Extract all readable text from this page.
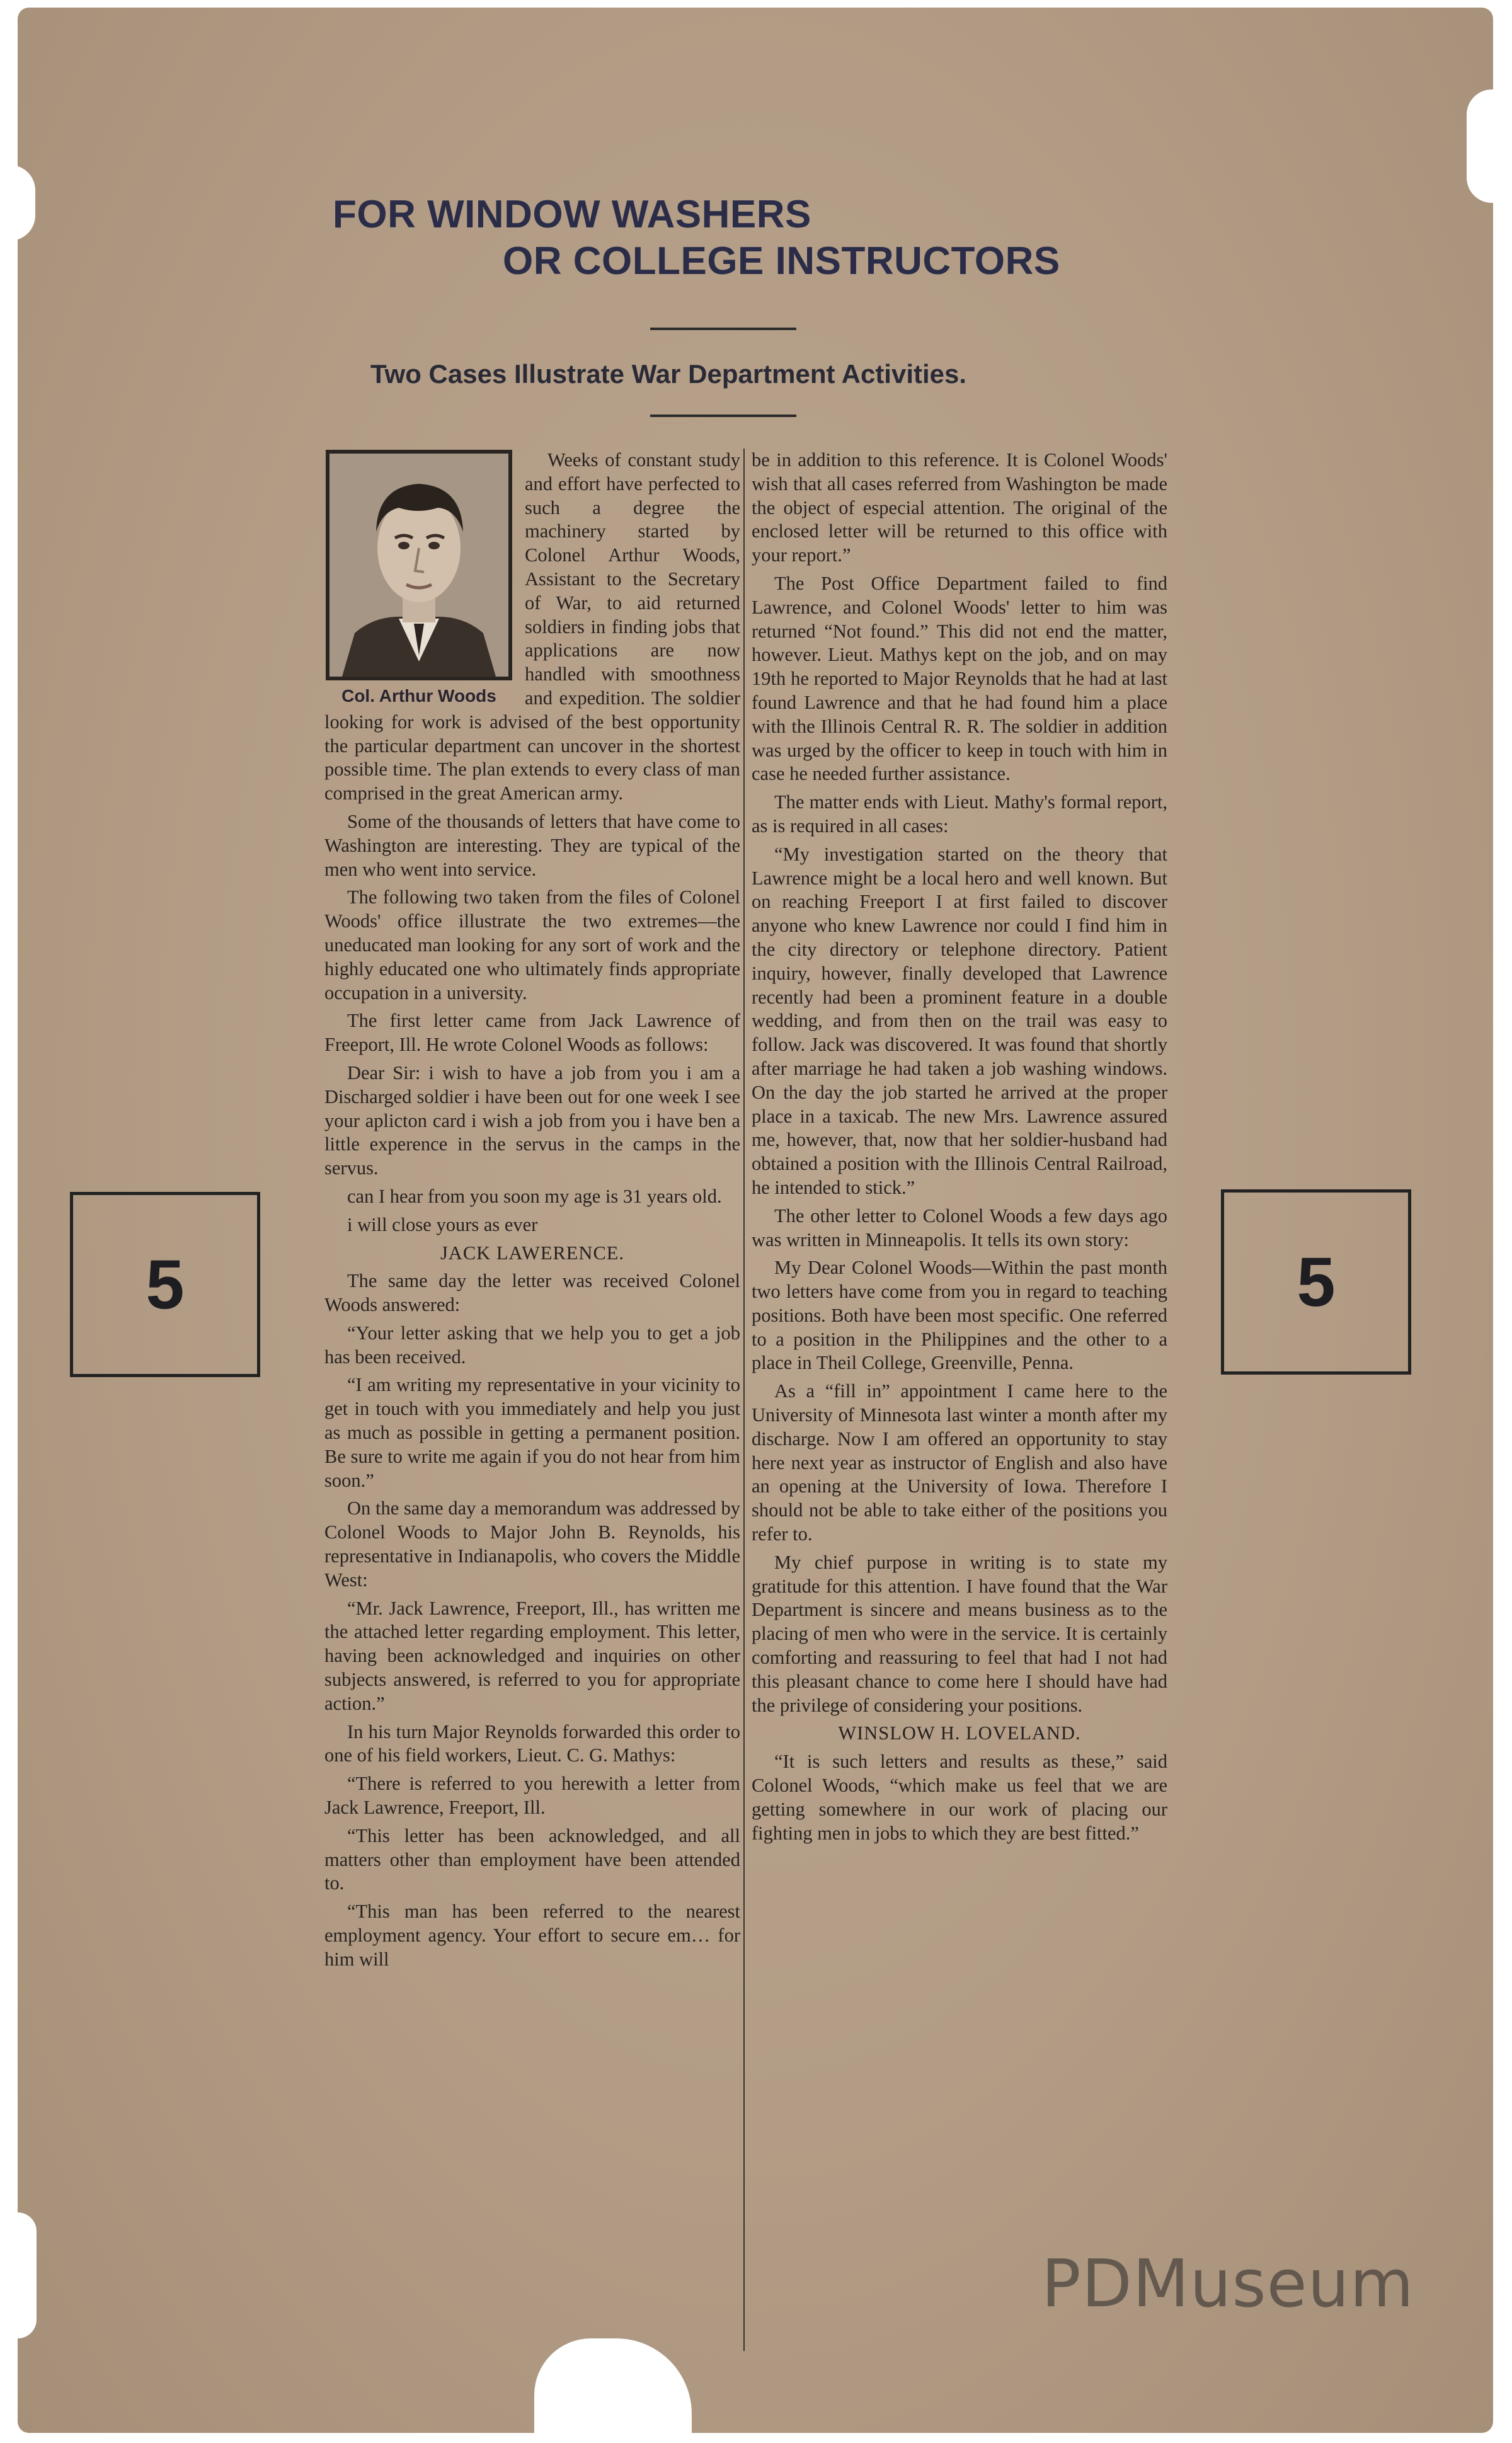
FOR WINDOW WASHERS
OR COLLEGE INSTRUCTORS
Two Cases Illustrate War Department Activities.
Col. Arthur Woods

Weeks of constant study and effort have perfected to such a degree the machinery started by Colonel Arthur Woods, Assistant to the Secretary of War, to aid returned soldiers in finding jobs that applications are now handled with smoothness and expedition. The soldier looking for work is advised of the best opportunity the particular department can uncover in the shortest possible time. The plan extends to every class of man comprised in the great American army.

Some of the thousands of letters that have come to Washington are interesting. They are typical of the men who went into service.

The following two taken from the files of Colonel Woods' office illustrate the two extremes—the uneducated man looking for any sort of work and the highly educated one who ultimately finds appropriate occupation in a university.

The first letter came from Jack Lawrence of Freeport, Ill. He wrote Colonel Woods as follows:

Dear Sir: i wish to have a job from you i am a Discharged soldier i have been out for one week I see your aplicton card i wish a job from you i have ben a little experence in the servus in the camps in the servus.

can I hear from you soon my age is 31 years old.

i will close yours as ever

JACK LAWERENCE.

The same day the letter was received Colonel Woods answered:

“Your letter asking that we help you to get a job has been received.

“I am writing my representative in your vicinity to get in touch with you immediately and help you just as much as possible in getting a permanent position. Be sure to write me again if you do not hear from him soon.”

On the same day a memorandum was addressed by Colonel Woods to Major John B. Reynolds, his representative in Indianapolis, who covers the Middle West:

“Mr. Jack Lawrence, Freeport, Ill., has written me the attached letter regarding employment. This letter, having been acknowledged and inquiries on other subjects answered, is referred to you for appropriate action.”

In his turn Major Reynolds forwarded this order to one of his field workers, Lieut. C. G. Mathys:

“There is referred to you herewith a letter from Jack Lawrence, Freeport, Ill.

“This letter has been acknowledged, and all matters other than employment have been attended to.

“This man has been referred to the nearest employment agency. Your effort to secure em… for him will

be in addition to this reference. It is Colonel Woods' wish that all cases referred from Washington be made the object of especial attention. The original of the enclosed letter will be returned to this office with your report.”

The Post Office Department failed to find Lawrence, and Colonel Woods' letter to him was returned “Not found.” This did not end the matter, however. Lieut. Mathys kept on the job, and on may 19th he reported to Major Reynolds that he had at last found Lawrence and that he had found him a place with the Illinois Central R. R. The soldier in addition was urged by the officer to keep in touch with him in case he needed further assistance.

The matter ends with Lieut. Mathy's formal report, as is required in all cases:

“My investigation started on the theory that Lawrence might be a local hero and well known. But on reaching Freeport I at first failed to discover anyone who knew Lawrence nor could I find him in the city directory or telephone directory. Patient inquiry, however, finally developed that Lawrence recently had been a prominent feature in a double wedding, and from then on the trail was easy to follow. Jack was discovered. It was found that shortly after marriage he had taken a job washing windows. On the day the job started he arrived at the proper place in a taxicab. The new Mrs. Lawrence assured me, however, that, now that her soldier-husband had obtained a position with the Illinois Central Railroad, he intended to stick.”

The other letter to Colonel Woods a few days ago was written in Minneapolis. It tells its own story:

My Dear Colonel Woods—Within the past month two letters have come from you in regard to teaching positions. Both have been most specific. One referred to a position in the Philippines and the other to a place in Theil College, Greenville, Penna.

As a “fill in” appointment I came here to the University of Minnesota last winter a month after my discharge. Now I am offered an opportunity to stay here next year as instructor of English and also have an opening at the University of Iowa. Therefore I should not be able to take either of the positions you refer to.

My chief purpose in writing is to state my gratitude for this attention. I have found that the War Department is sincere and means business as to the placing of men who were in the service. It is certainly comforting and reassuring to feel that had I not had this pleasant chance to come here I should have had the privilege of considering your positions.

WINSLOW H. LOVELAND.

“It is such letters and results as these,” said Colonel Woods, “which make us feel that we are getting somewhere in our work of placing our fighting men in jobs to which they are best fitted.”

5	5
PDMuseum
